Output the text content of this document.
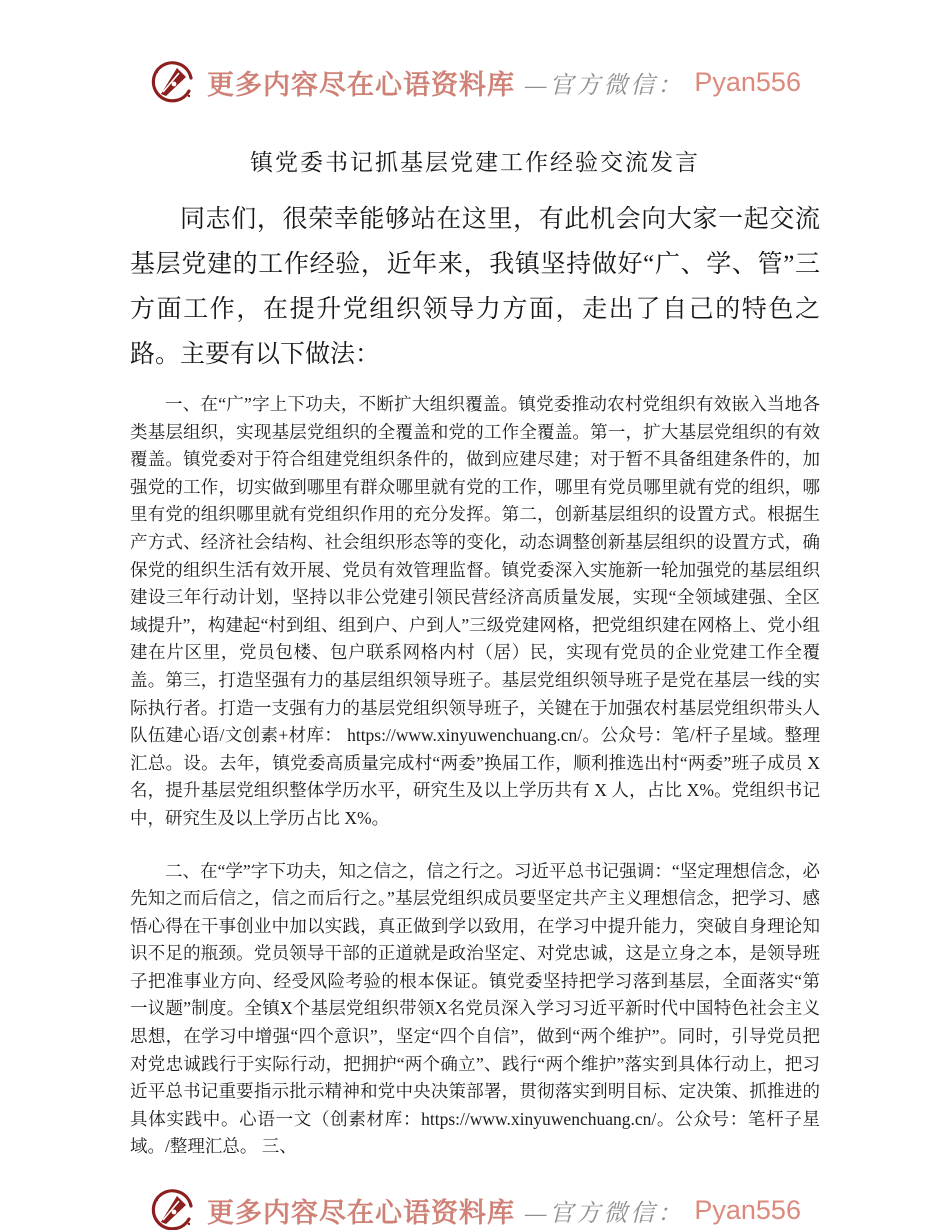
更多内容尽在心语资料库 —官方微信： Pyan556
镇党委书记抓基层党建工作经验交流发言

同志们，很荣幸能够站在这里，有此机会向大家一起交流基层党建的工作经验，近年来，我镇坚持做好“广、学、管”三方面工作，在提升党组织领导力方面，走出了自己的特色之路。主要有以下做法：

一、在“广”字上下功夫，不断扩大组织覆盖。镇党委推动农村党组织有效嵌入当地各类基层组织，实现基层党组织的全覆盖和党的工作全覆盖。第一，扩大基层党组织的有效覆盖。镇党委对于符合组建党组织条件的，做到应建尽建；对于暂不具备组建条件的，加强党的工作，切实做到哪里有群众哪里就有党的工作，哪里有党员哪里就有党的组织，哪里有党的组织哪里就有党组织作用的充分发挥。第二，创新基层组织的设置方式。根据生产方式、经济社会结构、社会组织形态等的变化，动态调整创新基层组织的设置方式，确保党的组织生活有效开展、党员有效管理监督。镇党委深入实施新一轮加强党的基层组织建设三年行动计划，坚持以非公党建引领民营经济高质量发展，实现“全领域建强、全区域提升”，构建起“村到组、组到户、户到人”三级党建网格，把党组织建在网格上、党小组建在片区里，党员包楼、包户联系网格内村（居）民，实现有党员的企业党建工作全覆盖。第三，打造坚强有力的基层组织领导班子。基层党组织领导班子是党在基层一线的实际执行者。打造一支强有力的基层党组织领导班子，关键在于加强农村基层党组织带头人队伍建心语/文创素+材库： https://www.xinyuwenchuang.cn/。公众号：笔/杆子星域。整理汇总。设。去年，镇党委高质量完成村“两委”换届工作，顺利推选出村“两委”班子成员 X 名，提升基层党组织整体学历水平，研究生及以上学历共有 X 人，占比 X%。党组织书记中，研究生及以上学历占比 X%。

二、在“学”字下功夫，知之信之，信之行之。习近平总书记强调：“坚定理想信念，必先知之而后信之，信之而后行之。”基层党组织成员要坚定共产主义理想信念，把学习、感悟心得在干事创业中加以实践，真正做到学以致用，在学习中提升能力，突破自身理论知识不足的瓶颈。党员领导干部的正道就是政治坚定、对党忠诚，这是立身之本，是领导班子把准事业方向、经受风险考验的根本保证。镇党委坚持把学习落到基层，全面落实“第一议题”制度。全镇X个基层党组织带领X名党员深入学习习近平新时代中国特色社会主义思想，在学习中增强“四个意识”，坚定“四个自信”，做到“两个维护”。同时，引导党员把对党忠诚践行于实际行动，把拥护“两个确立”、践行“两个维护”落实到具体行动上，把习近平总书记重要指示批示精神和党中央决策部署，贯彻落实到明目标、定决策、抓推进的具体实践中。心语一文（创素材库：https://www.xinyuwenchuang.cn/。公众号：笔杆子星域。/整理汇总。 三、

更多内容尽在心语资料库 —官方微信： Pyan556
